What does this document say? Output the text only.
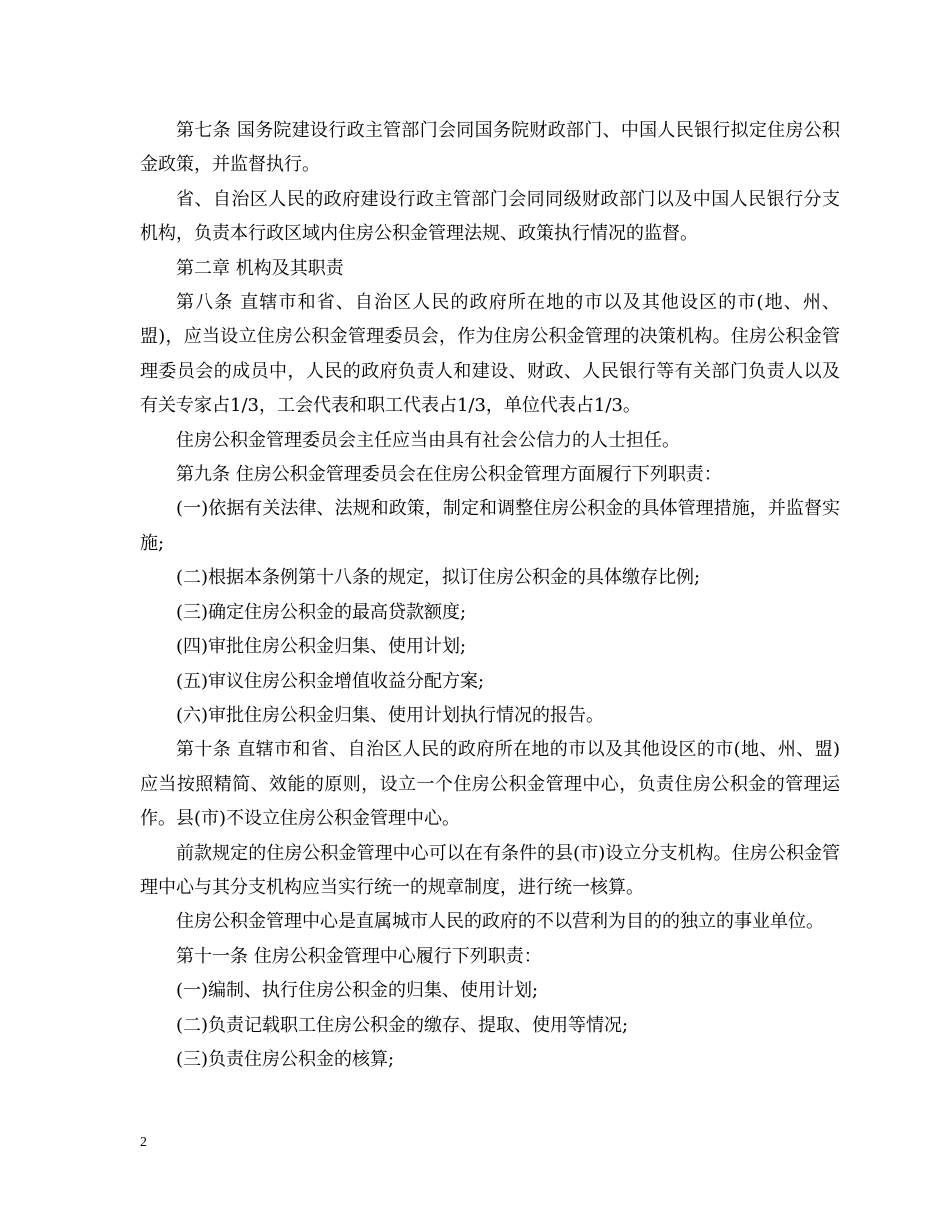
第七条 国务院建设行政主管部门会同国务院财政部门、中国人民银行拟定住房公积金政策，并监督执行。

省、自治区人民的政府建设行政主管部门会同同级财政部门以及中国人民银行分支机构，负责本行政区域内住房公积金管理法规、政策执行情况的监督。

第二章 机构及其职责

第八条 直辖市和省、自治区人民的政府所在地的市以及其他设区的市(地、州、盟)，应当设立住房公积金管理委员会，作为住房公积金管理的决策机构。住房公积金管理委员会的成员中，人民的政府负责人和建设、财政、人民银行等有关部门负责人以及有关专家占1/3，工会代表和职工代表占1/3，单位代表占1/3。

住房公积金管理委员会主任应当由具有社会公信力的人士担任。

第九条 住房公积金管理委员会在住房公积金管理方面履行下列职责：

(一)依据有关法律、法规和政策，制定和调整住房公积金的具体管理措施，并监督实施;

(二)根据本条例第十八条的规定，拟订住房公积金的具体缴存比例;

(三)确定住房公积金的最高贷款额度;

(四)审批住房公积金归集、使用计划;

(五)审议住房公积金增值收益分配方案;

(六)审批住房公积金归集、使用计划执行情况的报告。

第十条 直辖市和省、自治区人民的政府所在地的市以及其他设区的市(地、州、盟)应当按照精简、效能的原则，设立一个住房公积金管理中心，负责住房公积金的管理运作。县(市)不设立住房公积金管理中心。

前款规定的住房公积金管理中心可以在有条件的县(市)设立分支机构。住房公积金管理中心与其分支机构应当实行统一的规章制度，进行统一核算。

住房公积金管理中心是直属城市人民的政府的不以营利为目的的独立的事业单位。

第十一条 住房公积金管理中心履行下列职责：

(一)编制、执行住房公积金的归集、使用计划;

(二)负责记载职工住房公积金的缴存、提取、使用等情况;

(三)负责住房公积金的核算;

2
